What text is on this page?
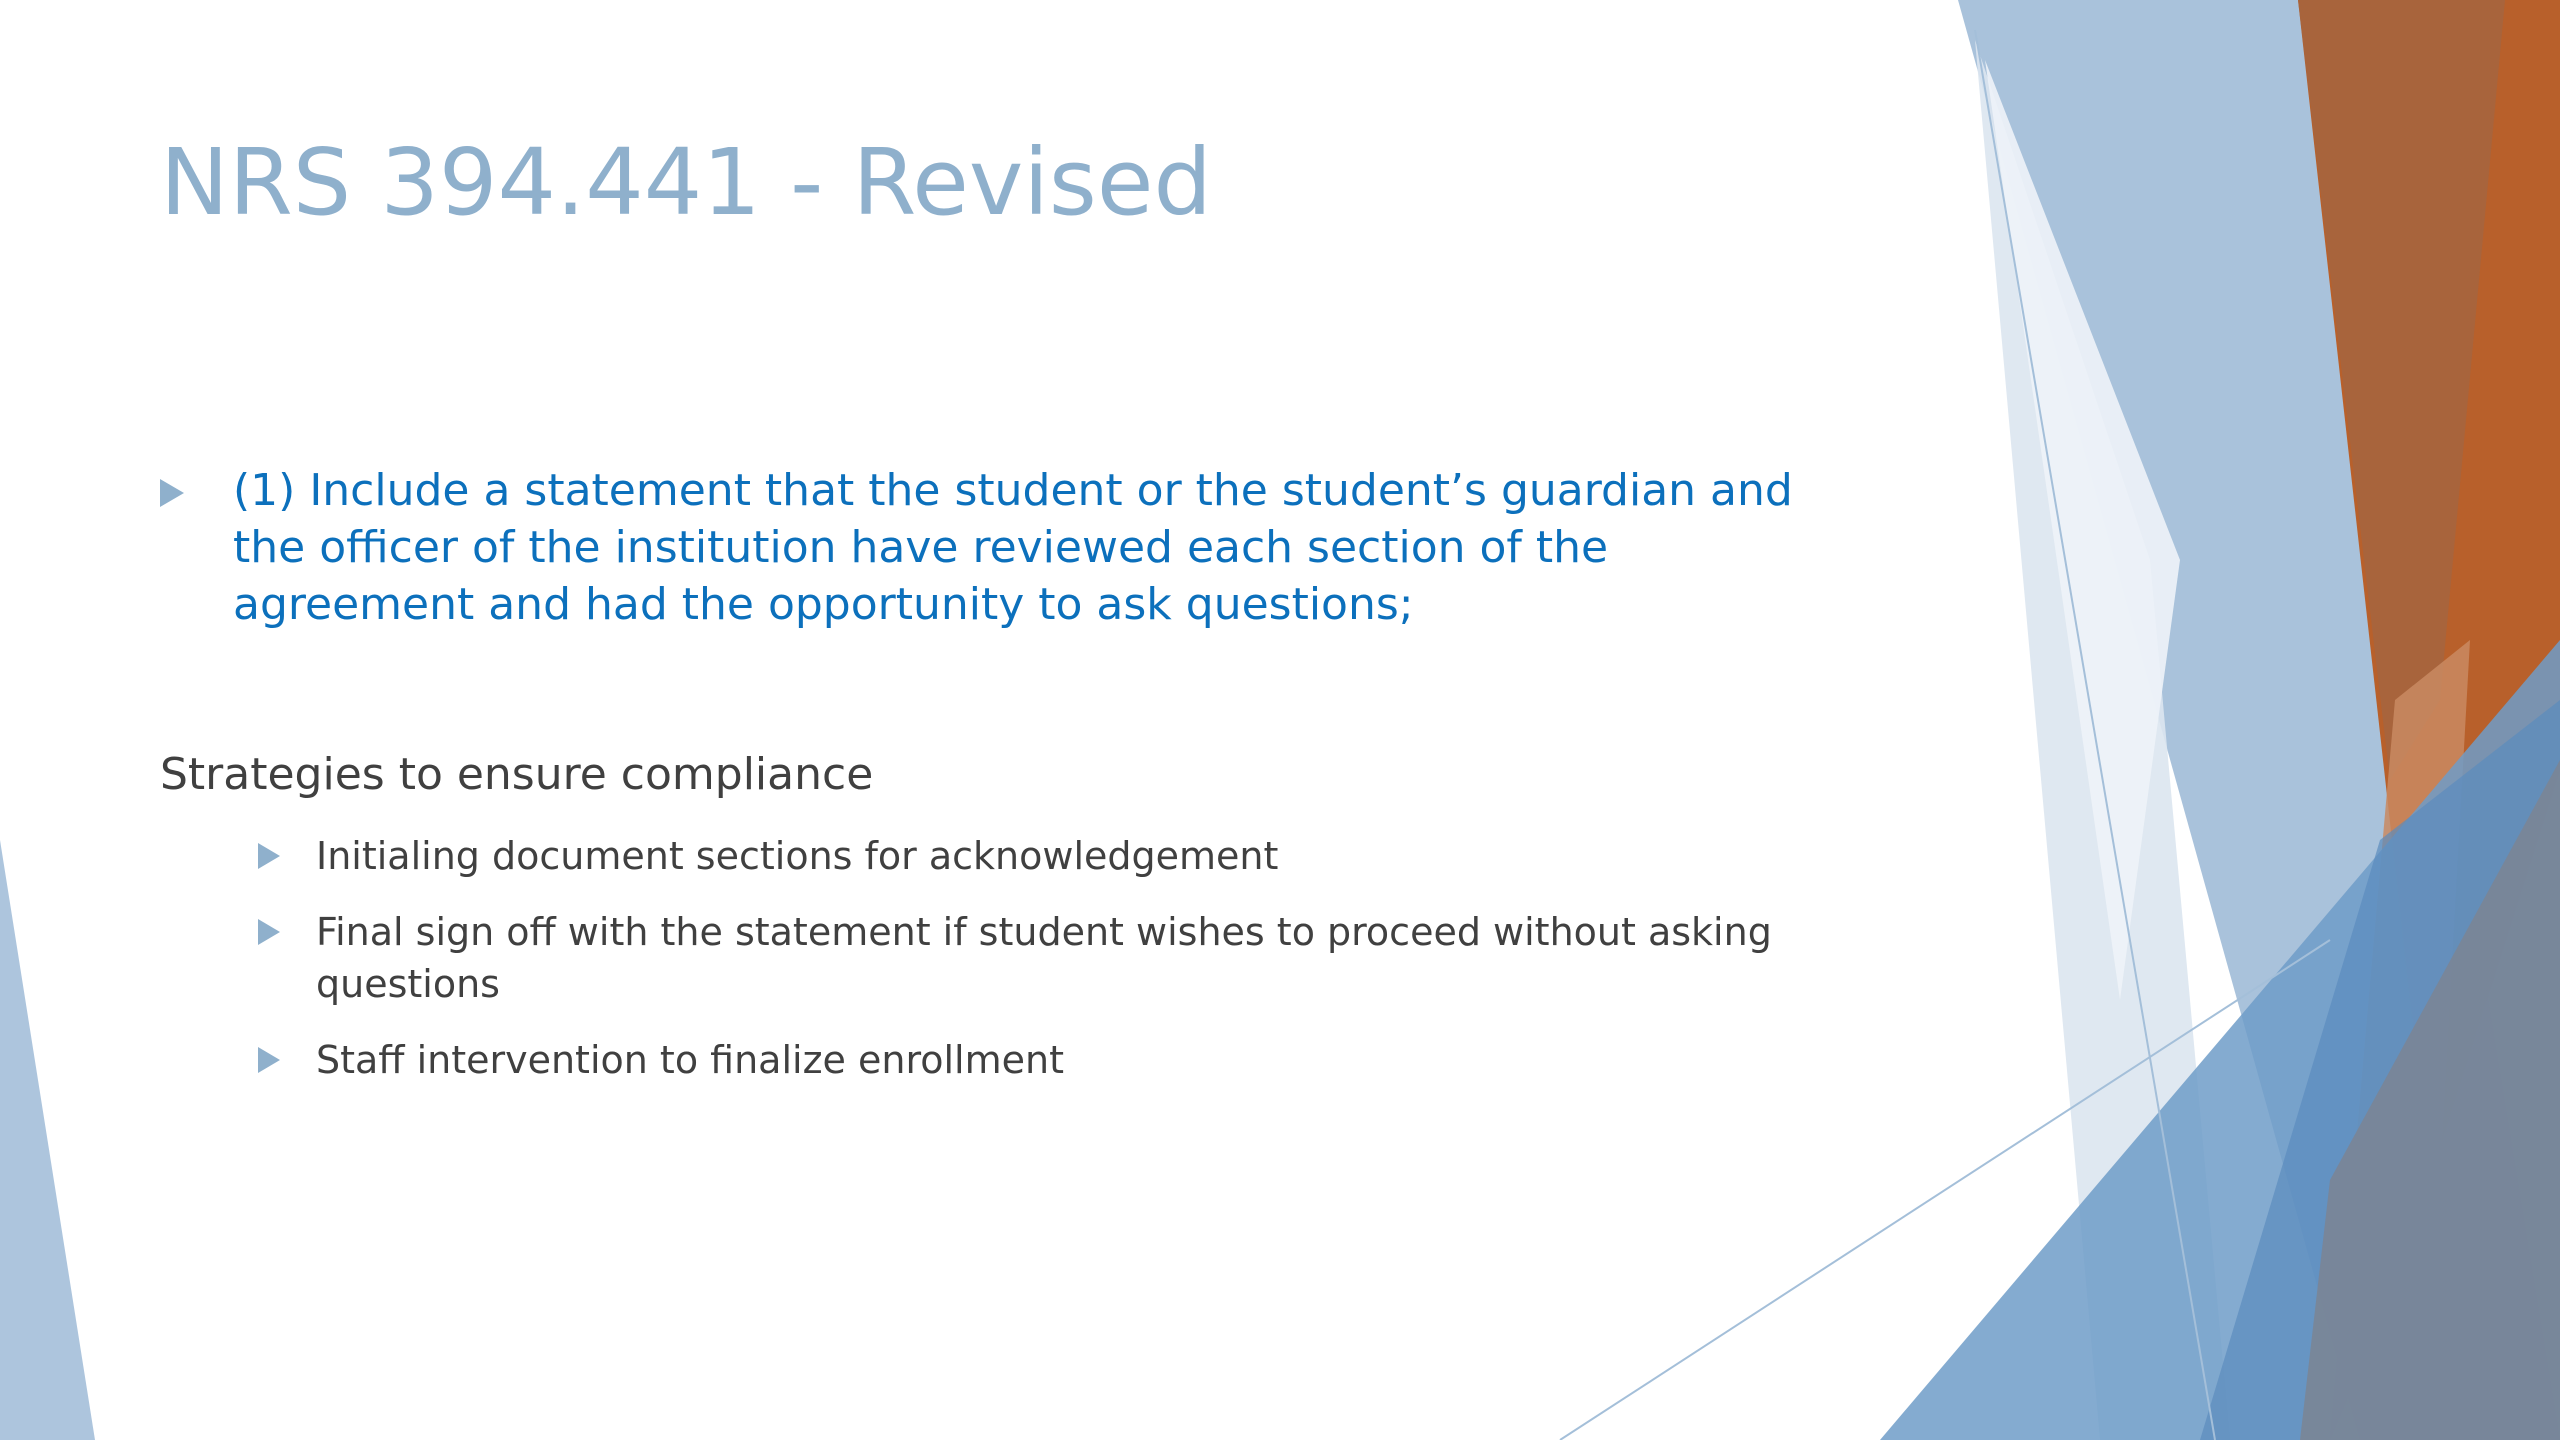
NRS 394.441 - Revised
(1) Include a statement that the student or the student’s guardian and the officer of the institution have reviewed each section of the agreement and had the opportunity to ask questions;
Strategies to ensure compliance
Initialing document sections for acknowledgement
Final sign off with the statement if student wishes to proceed without asking questions
Staff intervention to finalize enrollment
